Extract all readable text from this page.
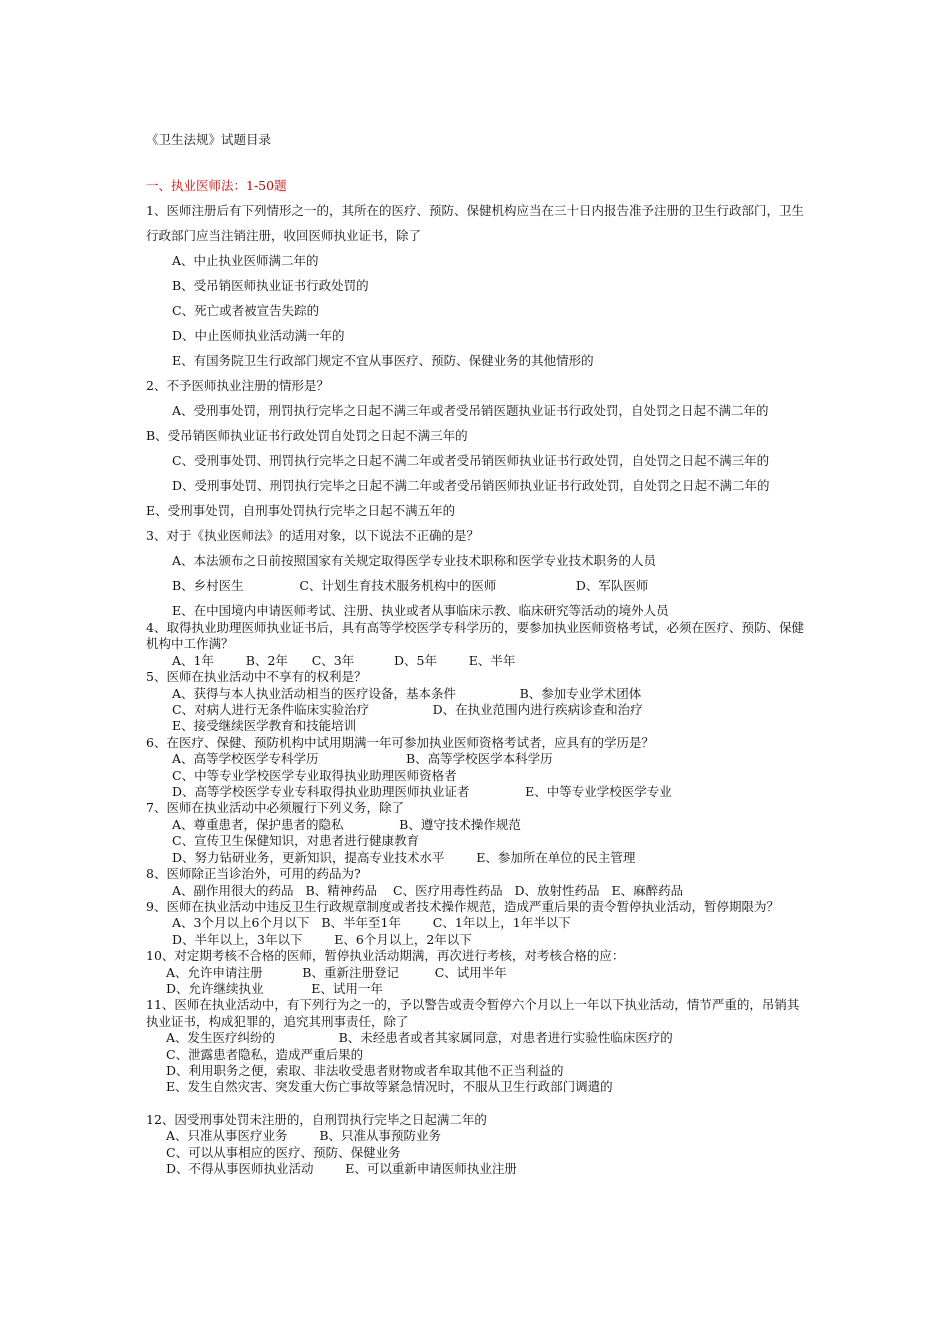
《卫生法规》试题目录

一、执业医师法：1-50题

1、医师注册后有下列情形之一的，其所在的医疗、预防、保健机构应当在三十日内报告准予注册的卫生行政部门，卫生行政部门应当注销注册，收回医师执业证书，除了

A、中止执业医师满二年的

B、受吊销医师执业证书行政处罚的

C、死亡或者被宣告失踪的

D、中止医师执业活动满一年的

E、有国务院卫生行政部门规定不宜从事医疗、预防、保健业务的其他情形的

2、不予医师执业注册的情形是？

A、受刑事处罚，刑罚执行完毕之日起不满三年或者受吊销医题执业证书行政处罚，自处罚之日起不满二年的                    B、受吊销医师执业证书行政处罚自处罚之日起不满三年的

C、受刑事处罚、刑罚执行完毕之日起不满二年或者受吊销医师执业证书行政处罚，自处罚之日起不满三年的

D、受刑事处罚、刑罚执行完毕之日起不满二年或者受吊销医师执业证书行政处罚，自处罚之日起不满二年的                         E、受刑事处罚，自刑事处罚执行完毕之日起不满五年的

3、对于《执业医师法》的适用对象，以下说法不正确的是？

A、本法颁布之日前按照国家有关规定取得医学专业技术职称和医学专业技术职务的人员

B、乡村医生              C、计划生育技术服务机构中的医师                    D、军队医师

E、在中国境内申请医师考试、注册、执业或者从事临床示教、临床研究等活动的境外人员

4、取得执业助理医师执业证书后，具有高等学校医学专科学历的，要参加执业医师资格考试，必须在医疗、预防、保健机构中工作满？

A、1年        B、2年      C、3年          D、5年        E、半年

5、医师在执业活动中不享有的权利是？

A、获得与本人执业活动相当的医疗设备，基本条件                B、参加专业学术团体

C、对病人进行无条件临床实验治疗                D、在执业范围内进行疾病诊查和治疗

E、接受继续医学教育和技能培训

6、在医疗、保健、预防机构中试用期满一年可参加执业医师资格考试者，应具有的学历是？

A、高等学校医学专科学历                      B、高等学校医学本科学历

C、中等专业学校医学专业取得执业助理医师资格者

D、高等学校医学专业专科取得执业助理医师执业证者              E、中等专业学校医学专业

7、医师在执业活动中必须履行下列义务，除了

A、尊重患者，保护患者的隐私              B、遵守技术操作规范

C、宣传卫生保健知识，对患者进行健康教育

D、努力钻研业务，更新知识，提高专业技术水平        E、参加所在单位的民主管理

8、医师除正当诊治外，可用的药品为?

A、副作用很大的药品   B、精神药品    C、医疗用毒性药品   D、放射性药品   E、麻醉药品

9、医师在执业活动中违反卫生行政规章制度或者技术操作规范，造成严重后果的责令暂停执业活动，暂停期限为？

A、3个月以上6个月以下   B、半年至1年        C、1年以上，1年半以下

D、半年以上，3年以下        E、6个月以上，2年以下

10、对定期考核不合格的医师，暂停执业活动期满，再次进行考核，对考核合格的应：

A、允许申请注册          B、重新注册登记         C、试用半年

D、允许继续执业            E、试用一年

11、医师在执业活动中，有下列行为之一的，予以警告或责令暂停六个月以上一年以下执业活动，情节严重的，吊销其执业证书，构成犯罪的，追究其刑事责任，除了

A、发生医疗纠纷的                B、未经患者或者其家属同意，对患者进行实验性临床医疗的

C、泄露患者隐私，造成严重后果的

D、利用职务之便，索取、非法收受患者财物或者牟取其他不正当利益的

E、发生自然灾害、突发重大伤亡事故等紧急情况时，不服从卫生行政部门调遣的

12、因受刑事处罚未注册的，自刑罚执行完毕之日起满二年的

A、只准从事医疗业务        B、只准从事预防业务

C、可以从事相应的医疗、预防、保健业务

D、不得从事医师执业活动        E、可以重新申请医师执业注册
